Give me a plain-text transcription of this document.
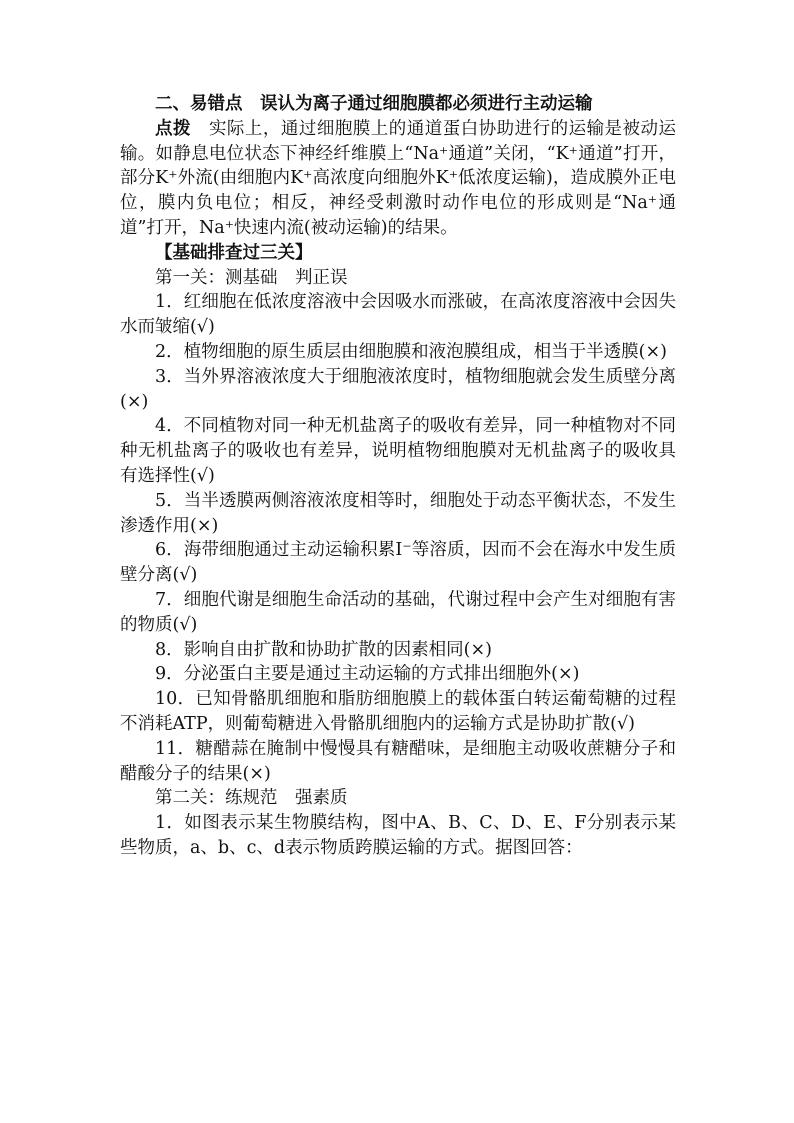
二、易错点　误认为离子通过细胞膜都必须进行主动运输

点拨　实际上，通过细胞膜上的通道蛋白协助进行的运输是被动运输。如静息电位状态下神经纤维膜上“Na⁺通道”关闭，“K⁺通道”打开，部分K⁺外流(由细胞内K⁺高浓度向细胞外K⁺低浓度运输)，造成膜外正电位，膜内负电位；相反，神经受刺激时动作电位的形成则是“Na⁺通道”打开，Na⁺快速内流(被动运输)的结果。

【基础排查过三关】

第一关：测基础　判正误

1．红细胞在低浓度溶液中会因吸水而涨破，在高浓度溶液中会因失水而皱缩(√)

2．植物细胞的原生质层由细胞膜和液泡膜组成，相当于半透膜(×)

3．当外界溶液浓度大于细胞液浓度时，植物细胞就会发生质壁分离(×)

4．不同植物对同一种无机盐离子的吸收有差异，同一种植物对不同种无机盐离子的吸收也有差异，说明植物细胞膜对无机盐离子的吸收具有选择性(√)

5．当半透膜两侧溶液浓度相等时，细胞处于动态平衡状态，不发生渗透作用(×)

6．海带细胞通过主动运输积累I⁻等溶质，因而不会在海水中发生质壁分离(√)

7．细胞代谢是细胞生命活动的基础，代谢过程中会产生对细胞有害的物质(√)

8．影响自由扩散和协助扩散的因素相同(×)

9．分泌蛋白主要是通过主动运输的方式排出细胞外(×)

10．已知骨骼肌细胞和脂肪细胞膜上的载体蛋白转运葡萄糖的过程不消耗ATP，则葡萄糖进入骨骼肌细胞内的运输方式是协助扩散(√)

11．糖醋蒜在腌制中慢慢具有糖醋味，是细胞主动吸收蔗糖分子和醋酸分子的结果(×)

第二关：练规范　强素质

1．如图表示某生物膜结构，图中A、B、C、D、E、F分别表示某些物质，a、b、c、d表示物质跨膜运输的方式。据图回答：
